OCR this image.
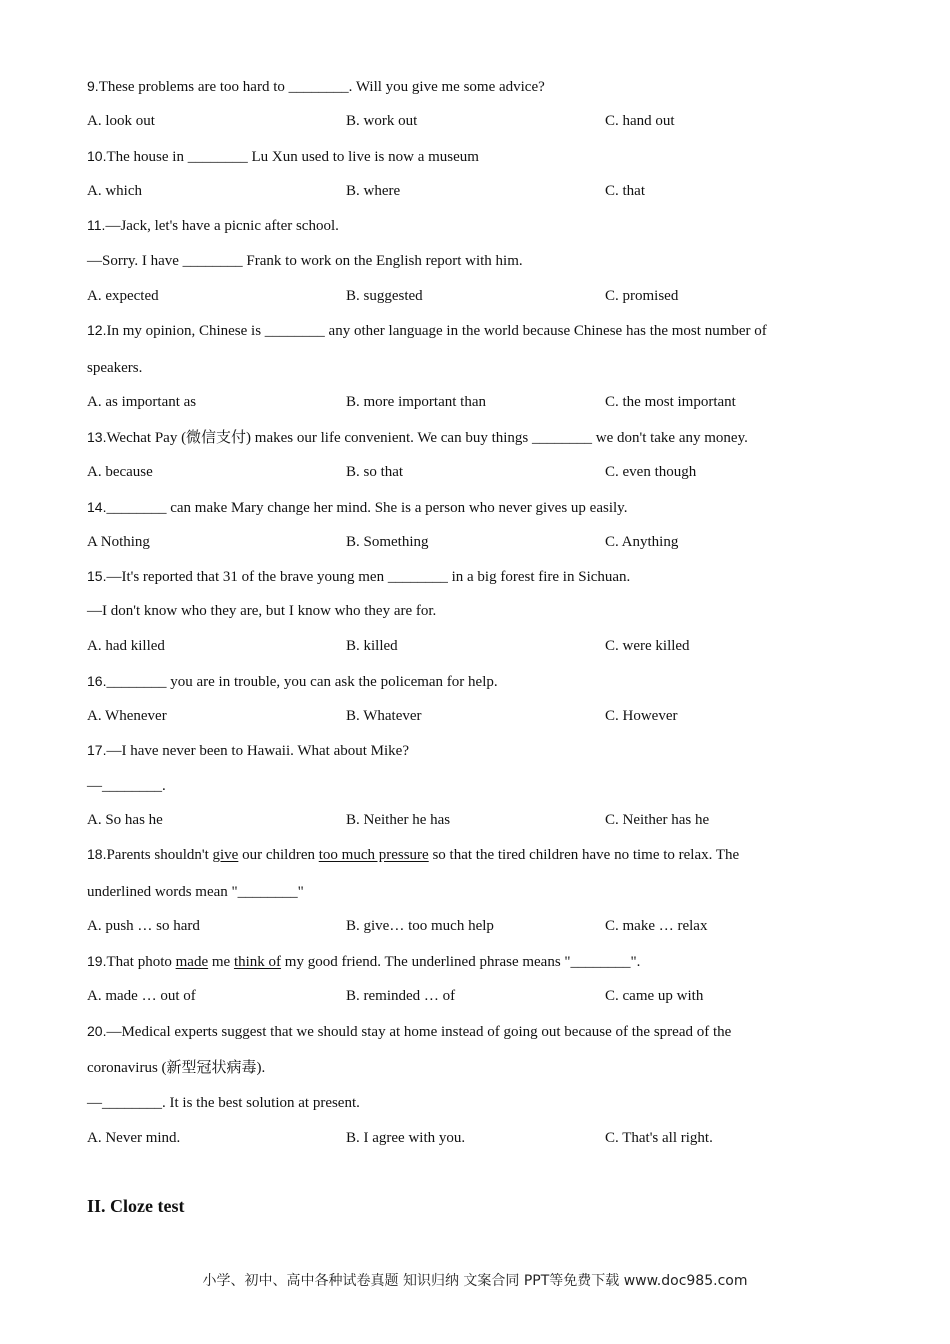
9.These problems are too hard to ________. Will you give me some advice?
A. look out	B. work out	C. hand out
10.The house in ________ Lu Xun used to live is now a museum
A. which	B. where	C. that
11.—Jack, let's have a picnic after school.
—Sorry. I have ________ Frank to work on the English report with him.
A. expected	B. suggested	C. promised
12.In my opinion, Chinese is ________ any other language in the world because Chinese has the most number of
speakers.
A. as important as	B. more important than	C. the most important
13.Wechat Pay (微信支付) makes our life convenient. We can buy things ________ we don't take any money.
A. because	B. so that	C. even though
14.________ can make Mary change her mind. She is a person who never gives up easily.
A Nothing	B. Something	C. Anything
15.—It's reported that 31 of the brave young men ________ in a big forest fire in Sichuan.
—I don't know who they are, but I know who they are for.
A. had killed	B. killed	C. were killed
16.________ you are in trouble, you can ask the policeman for help.
A. Whenever	B. Whatever	C. However
17.—I have never been to Hawaii. What about Mike?
—________.
A. So has he	B. Neither he has	C. Neither has he
18.Parents shouldn't give our children too much pressure so that the tired children have no time to relax. The
underlined words mean "________"
A. push … so hard	B. give… too much help	C. make … relax
19.That photo made me think of my good friend. The underlined phrase means "________".
A. made … out of	B. reminded … of	C. came up with
20.—Medical experts suggest that we should stay at home instead of going out because of the spread of the
coronavirus (新型冠状病毒).
—________. It is the best solution at present.
A. Never mind.	B. I agree with you.	C. That's all right.
II. Cloze test
小学、初中、高中各种试卷真题 知识归纳 文案合同 PPT等免费下载 www.doc985.com
